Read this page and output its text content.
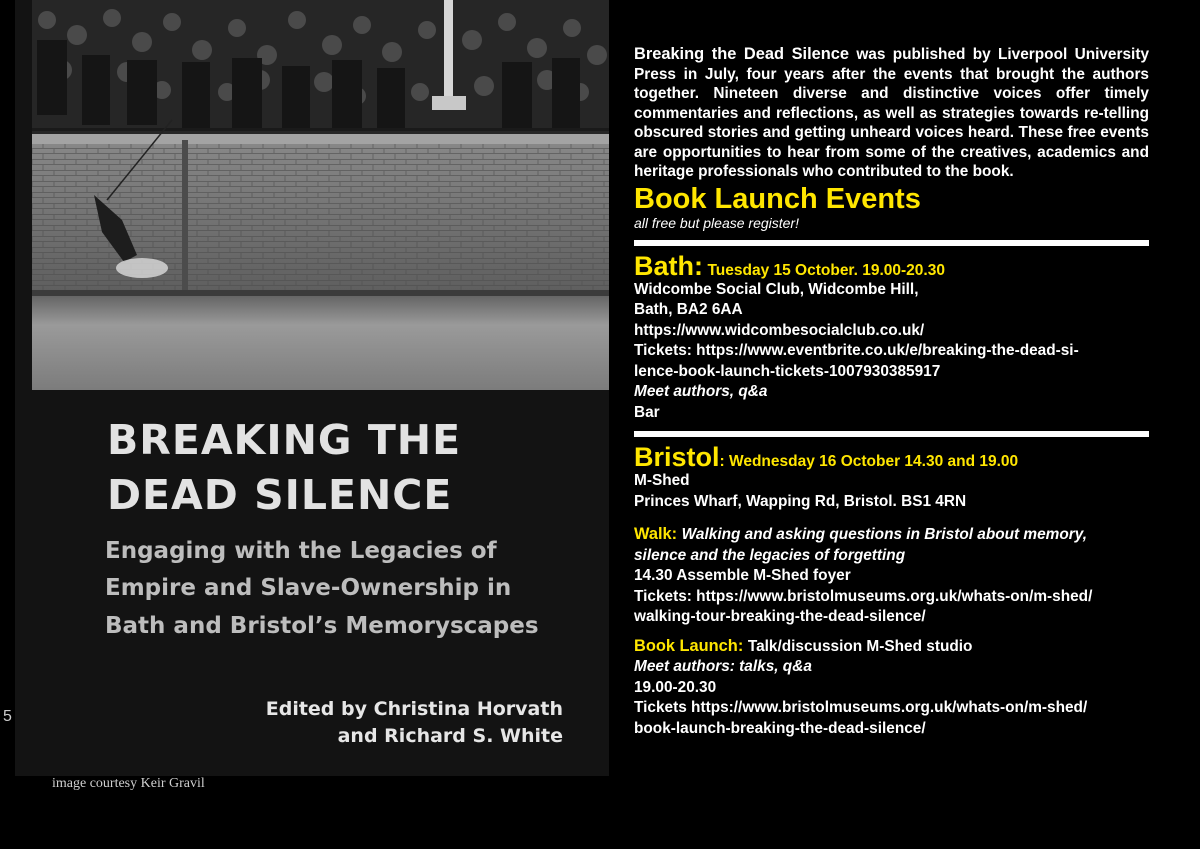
BREAKING THE
DEAD SILENCE

Engaging with the Legacies of

Empire and Slave-Ownership in

Bath and Bristol’s Memoryscapes

Edited by Christina Horvath

and Richard S. White

image courtesy Keir Gravil
5

Breaking the Dead Silence was published by Liverpool University Press in July, four years after the events that brought the authors together. Nineteen diverse and distinctive voices offer timely commentaries and reflections, as well as strategies towards re-telling obscured stories and getting unheard voices heard. These free events are opportunities to hear from some of the creatives, academics and heritage professionals who contributed to the book.

Book Launch Events

all free but please register!

Bath: Tuesday 15 October. 19.00-20.30

Widcombe Social Club, Widcombe Hill,

Bath, BA2 6AA

https://www.widcombesocialclub.co.uk/

Tickets: https://www.eventbrite.co.uk/e/breaking-the-dead-si-

lence-book-launch-tickets-1007930385917

Meet authors, q&a

Bar

Bristol: Wednesday 16 October 14.30 and 19.00

M-Shed

Princes Wharf, Wapping Rd, Bristol. BS1 4RN

Walk: Walking and asking questions in Bristol about memory,

silence and the legacies of forgetting

14.30 Assemble M-Shed foyer

Tickets: https://www.bristolmuseums.org.uk/whats-on/m-shed/

walking-tour-breaking-the-dead-silence/

Book Launch: Talk/discussion M-Shed studio

Meet authors: talks, q&a

19.00-20.30

Tickets https://www.bristolmuseums.org.uk/whats-on/m-shed/

book-launch-breaking-the-dead-silence/
